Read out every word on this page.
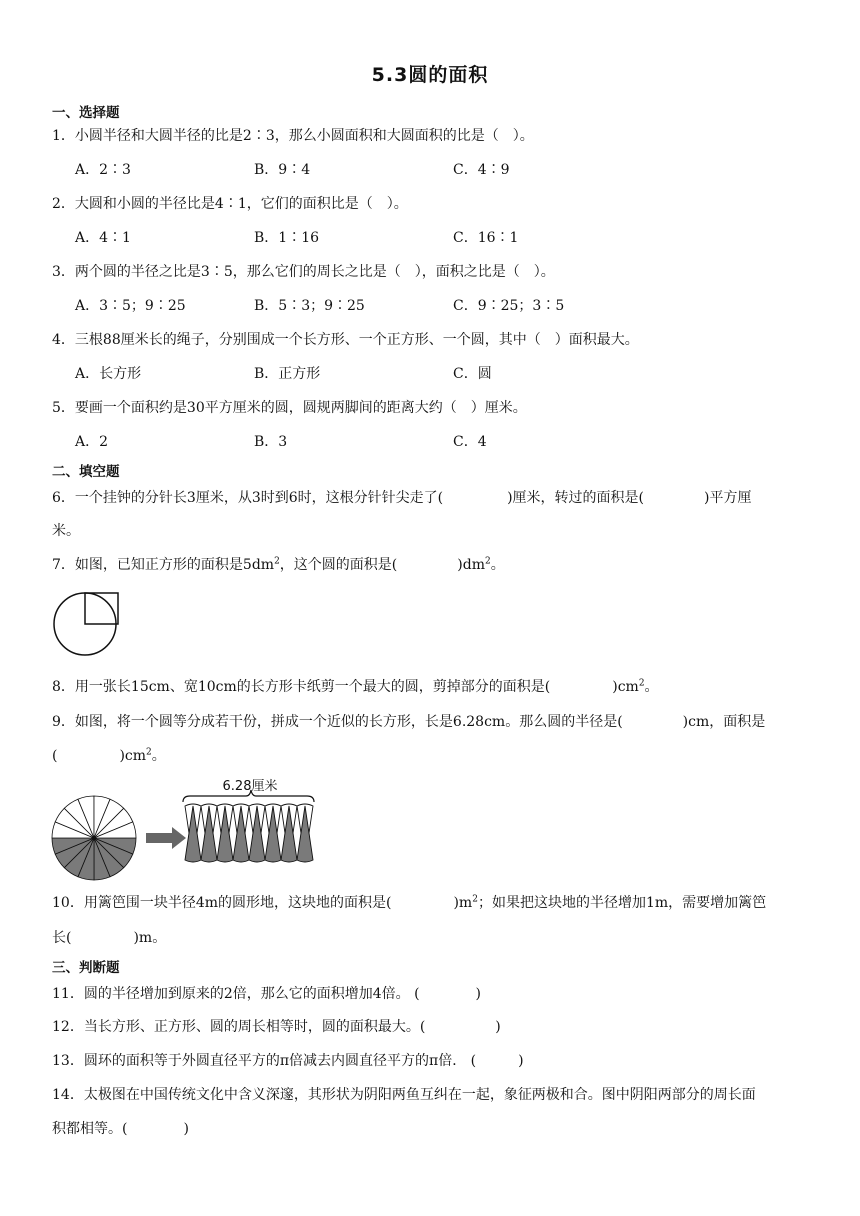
5.3圆的面积
一、选择题
1．小圆半径和大圆半径的比是2∶3，那么小圆面积和大圆面积的比是（　）。
A．2∶3	B．9∶4	C．4∶9
2．大圆和小圆的半径比是4∶1，它们的面积比是（　）。
A．4∶1	B．1∶16	C．16∶1
3．两个圆的半径之比是3∶5，那么它们的周长之比是（　），面积之比是（　）。
A．3∶5；9∶25	B．5∶3；9∶25	C．9∶25；3∶5
4．三根88厘米长的绳子，分别围成一个长方形、一个正方形、一个圆，其中（　）面积最大。
A．长方形	B．正方形	C．圆
5．要画一个面积约是30平方厘米的圆，圆规两脚间的距离大约（　）厘米。
A．2	B．3	C．4
二、填空题
6．一个挂钟的分针长3厘米，从3时到6时，这根分针针尖走了(	)厘米，转过的面积是(	)平方厘
米。
7．如图，已知正方形的面积是$5dm^2$，这个圆的面积是(	)$dm^2$。
8．用一张长15cm、宽10cm的长方形卡纸剪一个最大的圆，剪掉部分的面积是(	)$cm^2$。
9．如图，将一个圆等分成若干份，拼成一个近似的长方形，长是6.28cm。那么圆的半径是(	)cm，面积是
(	)$cm^2$。
6.28厘米
10．用篱笆围一块半径4m的圆形地，这块地的面积是(	)$m^2$；如果把这块地的半径增加1m，需要增加篱笆
长(	)m。
三、判断题
11．圆的半径增加到原来的2倍，那么它的面积增加4倍。 (　　　　)
12．当长方形、正方形、圆的周长相等时，圆的面积最大。(　　　　　)
13．圆环的面积等于外圆直径平方的π倍减去内圆直径平方的π倍． (　　　)
14．太极图在中国传统文化中含义深邃，其形状为阴阳两鱼互纠在一起，象征两极和合。图中阴阳两部分的周长面
积都相等。(　　　　)
